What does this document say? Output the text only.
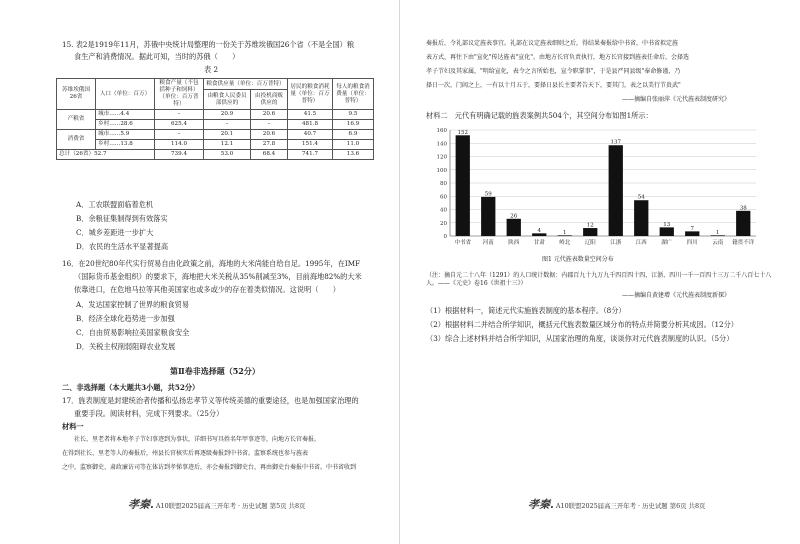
15. 表2是1919年11月，苏俄中央统计局整理的一份关于苏维埃俄国26个省（不是全国）粮
食生产和消费情况。据此可知，当时的苏俄（　　）
表 2
苏维埃俄国26省	人口（单位：百万）	粮食产量（不包括种子和饲料）（单位：百万普特）	粮食供应量（单位：百万普特）		居民的粮食消耗量（单位：百万普特）	每人的粮食消费量（单位：普特）
			由粮食人民委员部供应的	由投机商贩供应的		
产粮省	城市……4.4	–	20.9	20.6	41.5	9.5
	乡村……28.6	625.4	–	–	481.8	16.9
消费省	城市……5.9	–	20.1	20.6	40.7	6.9
	乡村……13.8	114.0	12.1	27.8	151.4	11.0
总计（26省）52.7		739.4	53.0	68.4	741.7	13.6
A．工农联盟面临着危机
B．余粮征集制得到有效落实
C．城乡差距进一步扩大
D．农民的生活水平显著提高
16．在20世纪80年代实行贸易自由化政策之前，海地的大米尚能自给自足。1995年，在IMF
（国际货币基金组织）的要求下，海地把大米关税从35%削减至3%，目前海地82%的大米
依靠进口，在危地马拉等其他美国家也或多或少的存在着类似情况。这说明（　　）
A．发达国家控制了世界的粮食贸易
B．经济全球化趋势进一步加强
C．自由贸易影响拉美国家粮食安全
D．关税主权削弱阻碍农业发展
第Ⅱ卷非选择题（52分）
二、非选择题（本大题共3小题，共52分）
17．旌表制度是封建统治者传播和弘扬忠孝节义等传统美德的重要途径，也是加强国家治理的
重要手段。阅读材料，完成下列要求。（25分）
材料一
社长、里老者将本地孝子节妇事迹到为事状，详细书写具姓名年甲事迹等，向地方长官奏报。
在得到社长、里老等人的奏报后，州县长官核实后再逐级奏报到中书省。监察系统也参与旌表
之中，监察御史、肃政廉访司等在体访到孝悌事迹后，亦会奏报到御史台，再由御史台奏报中书省。中书省收到
孝秦. A10联盟2025届高三开年考 · 历史试题 第5页 共8页
奏报后，令礼部议定旌表事宜。礼部在议定旌表细则之后，得结果奏报给中书省，中书省拟定旌
表方式，再往下由"宣化"传达旌表"宣化"。由地方长官负责执行，地方长官接到旌表任命后，会择选
孝子节妇及其家属，"明给宣化，表令之言所始也，宣令职掌事"，于是县严同县级"奉命修谨，乃
择日一次，门闾之上，一有以十月五于，要择日县长主要者告天下，要其门，表之以美行节贵武"
——摘编自张丽萍《元代旌表制度研究》
材料二　元代有明确记载的旌表案例共504个，其空间分布如图1所示：
0
20
40
60
80
100
120
140
160 152
中书省
59
河南
26
陕西
4
甘肃
1
岭北
12
辽阳
137
江浙
54
江西
13
湖广
7
四川
1
云南
38
籍贯不详
图1 元代旌表数量空间分布
（注：摘自元二十八年（1291）的人口统计数据：内郡百九十九万九千四百四十四，江浙、四川一千一百四十三万二千八百七十八人。——《元史》卷16《世祖十三》）
——摘编自黄建增《元代旌表制度新探》
（1）根据材料一，简述元代实施旌表制度的基本程序。（8分）
（2）根据材料二并结合所学知识，概括元代旌表数量区域分布的特点并简要分析其成因。（12分）
（3）综合上述材料并结合所学知识，从国家治理的角度，谈谈你对元代旌表制度的认识。（5分）
孝秦. A10联盟2025届高三开年考 · 历史试题 第6页 共8页
